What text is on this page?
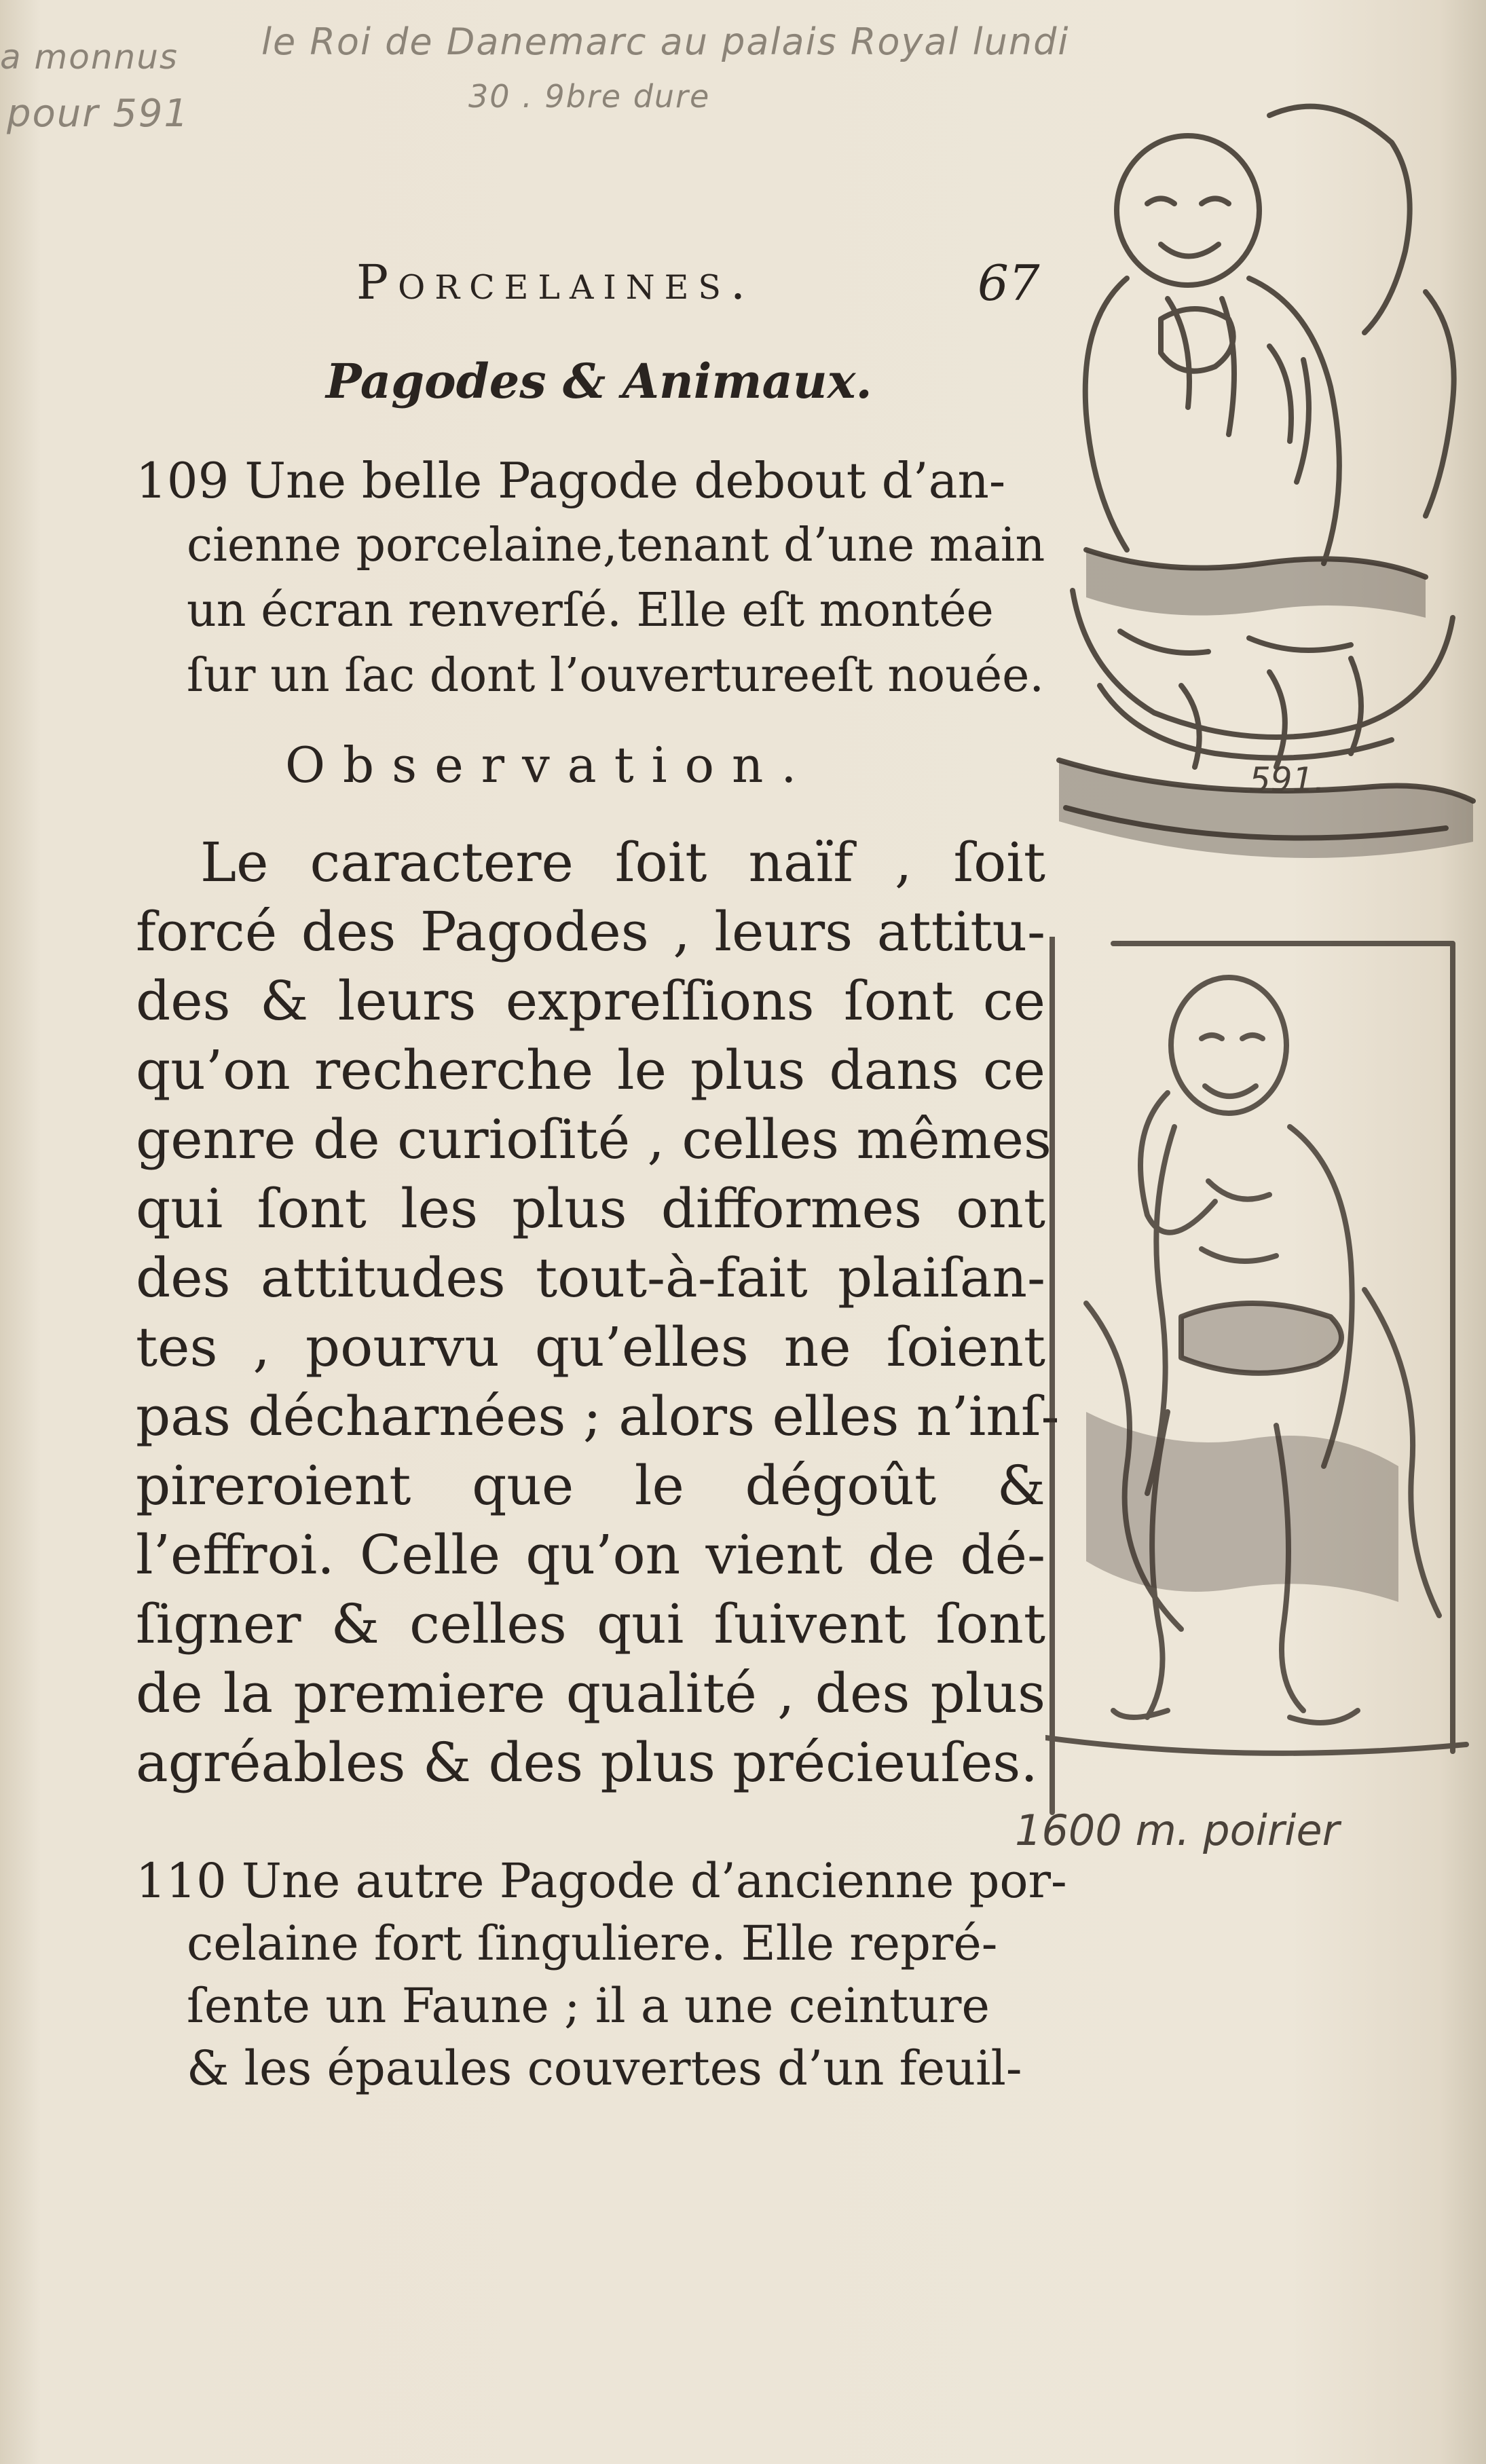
a monnus
pour 591
le Roi de Danemarc au palais Royal lundi
30 . 9bre dure
Porcelaines.	67
Pagodes & Animaux.
109 Une belle Pagode debout d’an-
cienne porcelaine,tenant d’une main
un écran renverſé. Elle eſt montée
ſur un ſac dont l’ouvertureeſt nouée.
Observation.
Le caractere ſoit naïf , ſoit
forcé des Pagodes , leurs attitu-
des & leurs expreſſions ſont ce
qu’on recherche le plus dans ce
genre de curioſité , celles mêmes
qui ſont les plus difformes ont
des attitudes tout-à-fait plaiſan-
tes , pourvu qu’elles ne ſoient
pas décharnées ; alors elles n’inſ-
pireroient que le dégoût &
l’effroi. Celle qu’on vient de dé-
ſigner & celles qui ſuivent ſont
de la premiere qualité , des plus
agréables & des plus précieuſes.
110 Une autre Pagode d’ancienne por-
celaine fort ſinguliere. Elle repré-
ſente un Faune ; il a une ceinture
& les épaules couvertes d’un feuil-
591.
1600 m. poirier
